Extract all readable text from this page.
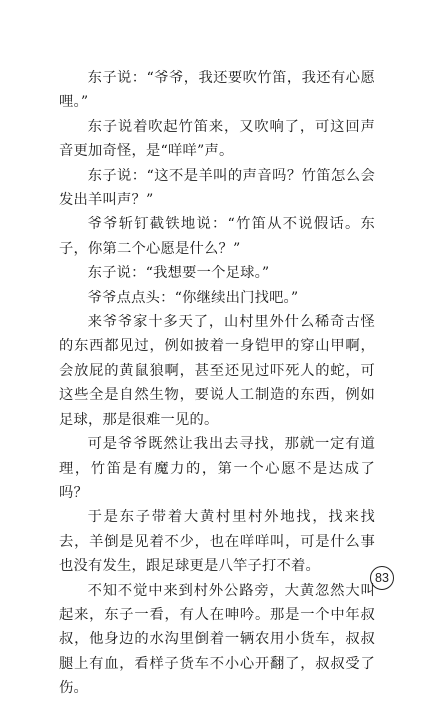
东子说：“爷爷，我还要吹竹笛，我还有心愿哩。”

东子说着吹起竹笛来，又吹响了，可这回声音更加奇怪，是“咩咩”声。

东子说：“这不是羊叫的声音吗？竹笛怎么会发出羊叫声？”

爷爷斩钉截铁地说：“竹笛从不说假话。东子，你第二个心愿是什么？”

东子说：“我想要一个足球。”

爷爷点点头：“你继续出门找吧。”

来爷爷家十多天了，山村里外什么稀奇古怪的东西都见过，例如披着一身铠甲的穿山甲啊，会放屁的黄鼠狼啊，甚至还见过吓死人的蛇，可这些全是自然生物，要说人工制造的东西，例如足球，那是很难一见的。

可是爷爷既然让我出去寻找，那就一定有道理，竹笛是有魔力的，第一个心愿不是达成了吗？

于是东子带着大黄村里村外地找，找来找去，羊倒是见着不少，也在咩咩叫，可是什么事也没有发生，跟足球更是八竿子打不着。

不知不觉中来到村外公路旁，大黄忽然大叫起来，东子一看，有人在呻吟。那是一个中年叔叔，他身边的水沟里倒着一辆农用小货车，叔叔腿上有血，看样子货车不小心开翻了，叔叔受了伤。

83
